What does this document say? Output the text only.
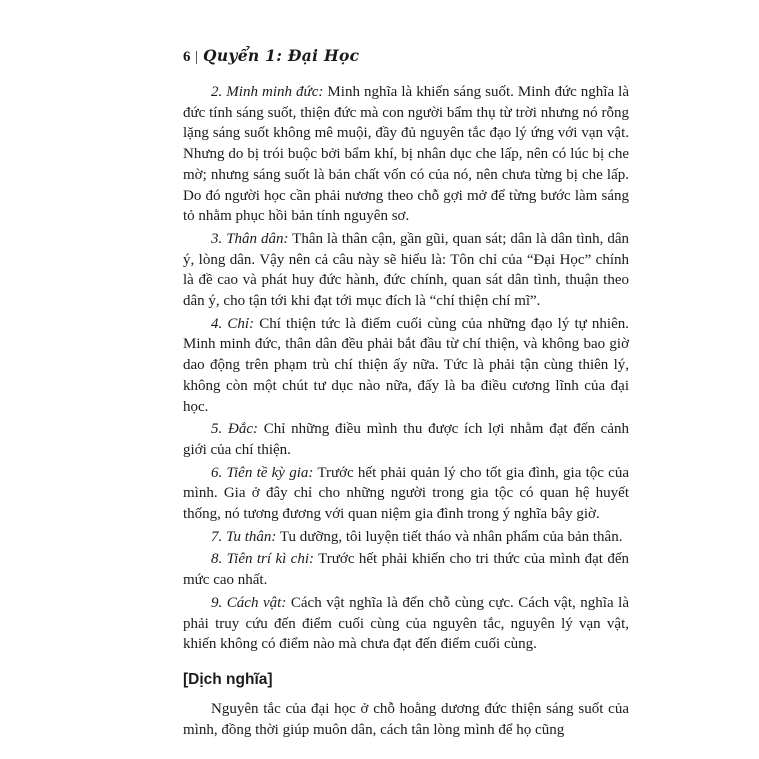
6 | Quyển 1: Đại Học

2. Minh minh đức: Minh nghĩa là khiến sáng suốt. Minh đức nghĩa là đức tính sáng suốt, thiện đức mà con người bẩm thụ từ trời nhưng nó rỗng lặng sáng suốt không mê muội, đầy đủ nguyên tắc đạo lý ứng với vạn vật. Nhưng do bị trói buộc bởi bẩm khí, bị nhân dục che lấp, nên có lúc bị che mờ; nhưng sáng suốt là bản chất vốn có của nó, nên chưa từng bị che lấp. Do đó người học cần phải nương theo chỗ gợi mở để từng bước làm sáng tỏ nhằm phục hồi bản tính nguyên sơ.

3. Thân dân: Thân là thân cận, gần gũi, quan sát; dân là dân tình, dân ý, lòng dân. Vậy nên cả câu này sẽ hiểu là: Tôn chỉ của “Đại Học” chính là đề cao và phát huy đức hành, đức chính, quan sát dân tình, thuận theo dân ý, cho tận tới khi đạt tới mục đích là “chí thiện chí mĩ”.

4. Chỉ: Chí thiện tức là điểm cuối cùng của những đạo lý tự nhiên. Minh minh đức, thân dân đều phải bắt đầu từ chí thiện, và không bao giờ dao động trên phạm trù chí thiện ấy nữa. Tức là phải tận cùng thiên lý, không còn một chút tư dục nào nữa, đấy là ba điều cương lĩnh của đại học.

5. Đắc: Chỉ những điều mình thu được ích lợi nhằm đạt đến cảnh giới của chí thiện.

6. Tiên tề kỳ gia: Trước hết phải quản lý cho tốt gia đình, gia tộc của mình. Gia ở đây chỉ cho những người trong gia tộc có quan hệ huyết thống, nó tương đương với quan niệm gia đình trong ý nghĩa bây giờ.

7. Tu thân: Tu dưỡng, tôi luyện tiết tháo và nhân phẩm của bản thân.

8. Tiên trí kì chi: Trước hết phải khiến cho tri thức của mình đạt đến mức cao nhất.

9. Cách vật: Cách vật nghĩa là đến chỗ cùng cực. Cách vật, nghĩa là phải truy cứu đến điểm cuối cùng của nguyên tắc, nguyên lý vạn vật, khiến không có điểm nào mà chưa đạt đến điểm cuối cùng.

[Dịch nghĩa]

Nguyên tắc của đại học ở chỗ hoằng dương đức thiện sáng suốt của mình, đồng thời giúp muôn dân, cách tân lòng mình để họ cũng
